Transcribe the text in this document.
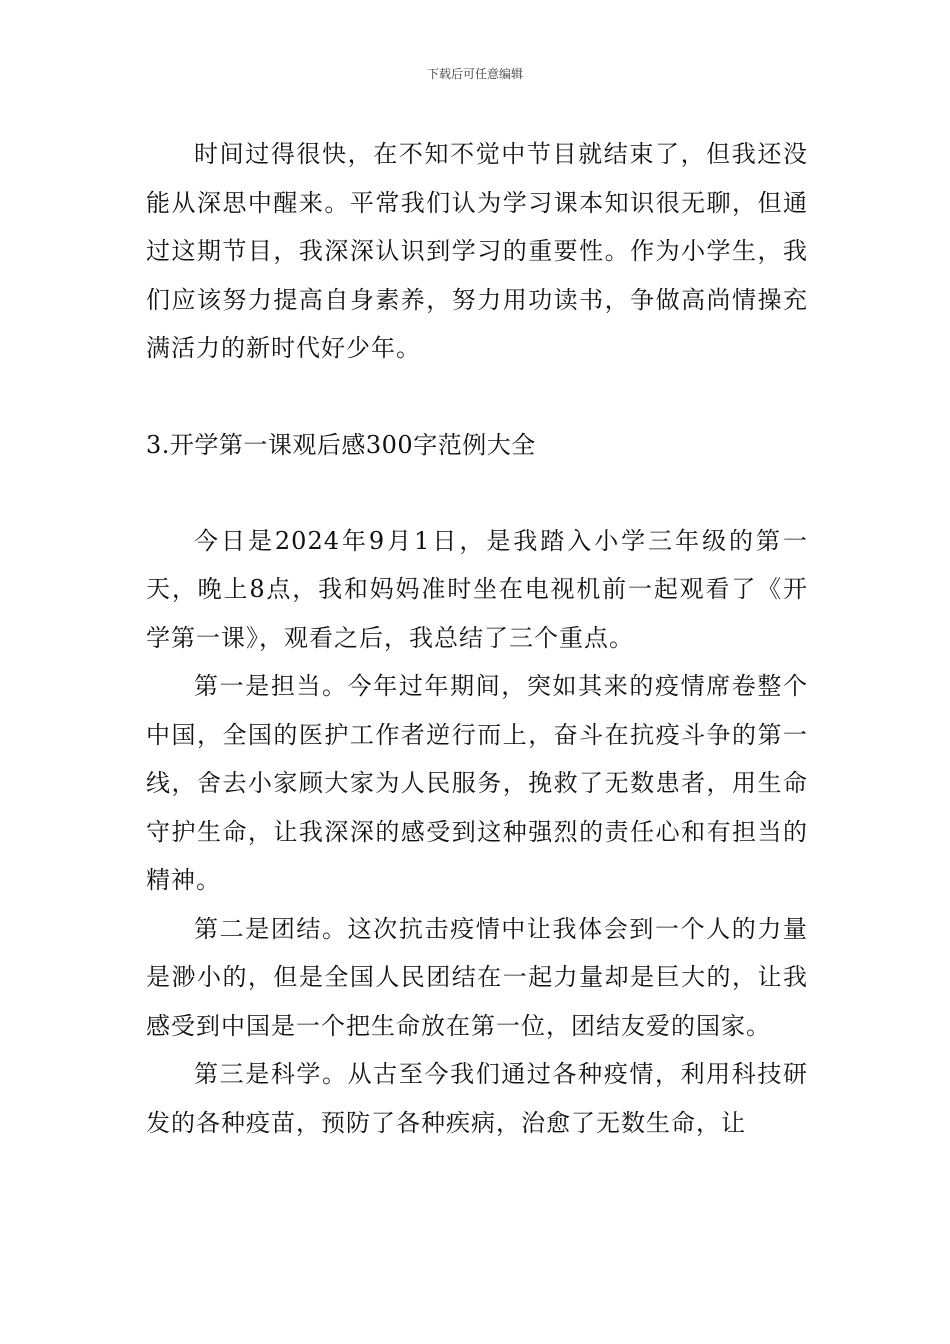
下载后可任意编辑

时间过得很快，在不知不觉中节目就结束了，但我还没能从深思中醒来。平常我们认为学习课本知识很无聊，但通过这期节目，我深深认识到学习的重要性。作为小学生，我们应该努力提高自身素养，努力用功读书，争做高尚情操充满活力的新时代好少年。

3.开学第一课观后感300字范例大全

今日是2024年9月1日，是我踏入小学三年级的第一天，晚上8点，我和妈妈准时坐在电视机前一起观看了《开学第一课》，观看之后，我总结了三个重点。

第一是担当。今年过年期间，突如其来的疫情席卷整个中国，全国的医护工作者逆行而上，奋斗在抗疫斗争的第一线，舍去小家顾大家为人民服务，挽救了无数患者，用生命守护生命，让我深深的感受到这种强烈的责任心和有担当的精神。

第二是团结。这次抗击疫情中让我体会到一个人的力量是渺小的，但是全国人民团结在一起力量却是巨大的，让我感受到中国是一个把生命放在第一位，团结友爱的国家。

第三是科学。从古至今我们通过各种疫情，利用科技研发的各种疫苗，预防了各种疾病，治愈了无数生命，让
